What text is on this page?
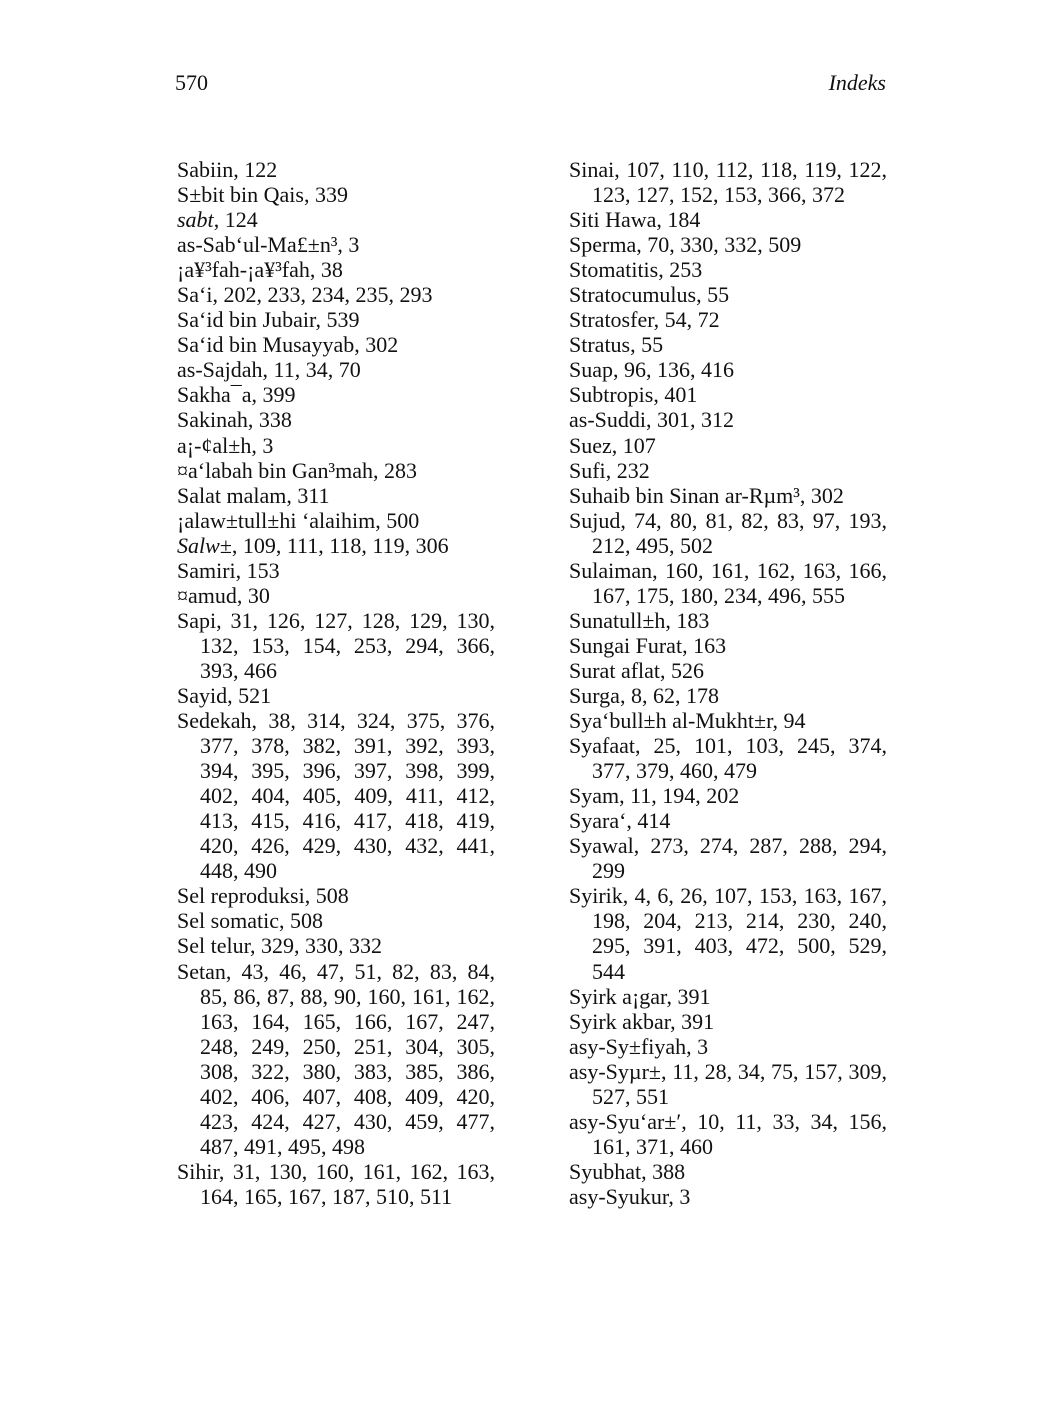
570	Indeks

Sabiin, 122

S±bit bin Qais, 339

sabt, 124

as-Sab‘ul-Ma£±n³, 3

¡a¥³fah-¡a¥³fah, 38

Sa‘i, 202, 233, 234, 235, 293

Sa‘id bin Jubair, 539

Sa‘id bin Musayyab, 302

as-Sajdah, 11, 34, 70

Sakha¯a, 399

Sakinah, 338

a¡-¢al±h, 3

¤a‘labah bin Gan³mah, 283

Salat malam, 311

¡alaw±tull±hi ‘alaihim, 500

Salw±, 109, 111, 118, 119, 306

Samiri, 153

¤amud, 30

Sapi, 31, 126, 127, 128, 129, 130, 132, 153, 154, 253, 294, 366, 393, 466

Sayid, 521

Sedekah, 38, 314, 324, 375, 376, 377, 378, 382, 391, 392, 393, 394, 395, 396, 397, 398, 399, 402, 404, 405, 409, 411, 412, 413, 415, 416, 417, 418, 419, 420, 426, 429, 430, 432, 441, 448, 490

Sel reproduksi, 508

Sel somatic, 508

Sel telur, 329, 330, 332

Setan, 43, 46, 47, 51, 82, 83, 84, 85, 86, 87, 88, 90, 160, 161, 162, 163, 164, 165, 166, 167, 247, 248, 249, 250, 251, 304, 305, 308, 322, 380, 383, 385, 386, 402, 406, 407, 408, 409, 420, 423, 424, 427, 430, 459, 477, 487, 491, 495, 498

Sihir, 31, 130, 160, 161, 162, 163, 164, 165, 167, 187, 510, 511

Sinai, 107, 110, 112, 118, 119, 122, 123, 127, 152, 153, 366, 372

Siti Hawa, 184

Sperma, 70, 330, 332, 509

Stomatitis, 253

Stratocumulus, 55

Stratosfer, 54, 72

Stratus, 55

Suap, 96, 136, 416

Subtropis, 401

as-Suddi, 301, 312

Suez, 107

Sufi, 232

Suhaib bin Sinan ar-Rµm³, 302

Sujud, 74, 80, 81, 82, 83, 97, 193, 212, 495, 502

Sulaiman, 160, 161, 162, 163, 166, 167, 175, 180, 234, 496, 555

Sunatull±h, 183

Sungai Furat, 163

Surat aflat, 526

Surga, 8, 62, 178

Sya‘bull±h al-Mukht±r, 94

Syafaat, 25, 101, 103, 245, 374, 377, 379, 460, 479

Syam, 11, 194, 202

Syara‘, 414

Syawal, 273, 274, 287, 288, 294, 299

Syirik, 4, 6, 26, 107, 153, 163, 167, 198, 204, 213, 214, 230, 240, 295, 391, 403, 472, 500, 529, 544

Syirk a¡gar, 391

Syirk akbar, 391

asy-Sy±fiyah, 3

asy-Syµr±, 11, 28, 34, 75, 157, 309, 527, 551

asy-Syu‘ar±′, 10, 11, 33, 34, 156, 161, 371, 460

Syubhat, 388

asy-Syukur, 3
